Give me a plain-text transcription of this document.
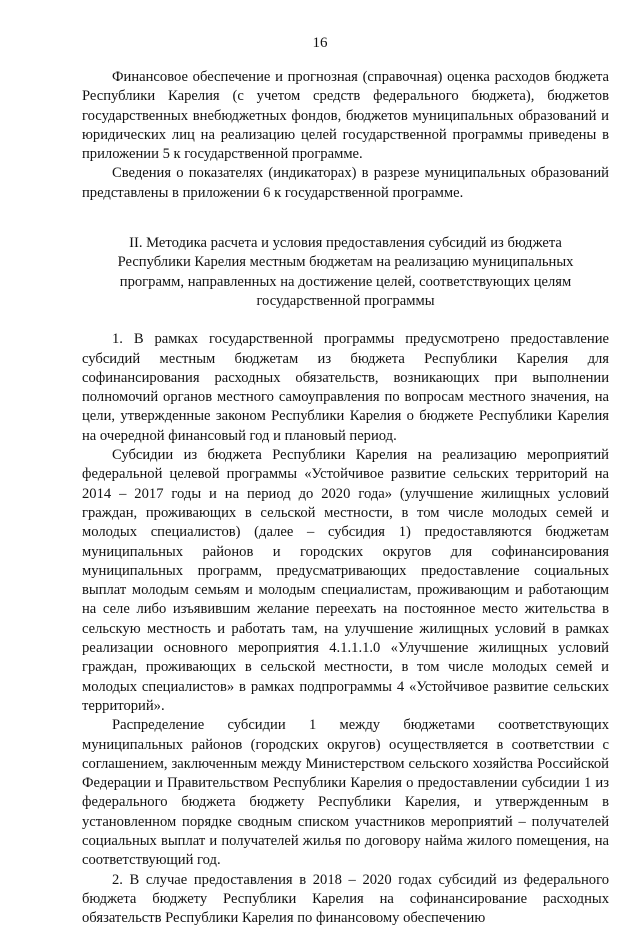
16

Финансовое обеспечение и прогнозная (справочная) оценка расходов бюджета Республики Карелия (с учетом средств федерального бюджета), бюджетов государственных внебюджетных фондов, бюджетов муниципальных образований и юридических лиц на реализацию целей государственной программы приведены в приложении 5 к государственной программе.

Сведения о показателях (индикаторах) в разрезе муниципальных образований представлены в приложении 6 к государственной программе.

II. Методика расчета и условия предоставления субсидий из бюджета
Республики Карелия местным бюджетам на реализацию муниципальных
программ, направленных на достижение целей, соответствующих целям
государственной программы

1. В рамках государственной программы предусмотрено предоставление субсидий местным бюджетам из бюджета Республики Карелия для софинансирования расходных обязательств, возникающих при выполнении полномочий органов местного самоуправления по вопросам местного значения, на цели, утвержденные законом Республики Карелия о бюджете Республики Карелия на очередной финансовый год и плановый период.

Субсидии из бюджета Республики Карелия на реализацию мероприятий федеральной целевой программы «Устойчивое развитие сельских территорий на 2014 – 2017 годы и на период до 2020 года» (улучшение жилищных условий граждан, проживающих в сельской местности, в том числе молодых семей и молодых специалистов) (далее – субсидия 1) предоставляются бюджетам муниципальных районов и городских округов для софинанcирования муниципальных программ, предусматривающих предоставление социальных выплат молодым семьям и молодым специалистам, проживающим и работающим на селе либо изъявившим желание переехать на постоянное место жительства в сельскую местность и работать там, на улучшение жилищных условий в рамках реализации основного мероприятия 4.1.1.1.0 «Улучшение жилищных условий граждан, проживающих в сельской местности, в том числе молодых семей и молодых специалистов» в рамках подпрограммы 4 «Устойчивое развитие сельских территорий».

Распределение субсидии 1 между бюджетами соответствующих муниципальных районов (городских округов) осуществляется в соответствии с соглашением, заключенным между Министерством сельского хозяйства Российской Федерации и Правительством Республики Карелия о предоставлении субсидии 1 из федерального бюджета бюджету Республики Карелия, и утвержденным в установленном порядке сводным списком участников мероприятий – получателей социальных выплат и получателей жилья по договору найма жилого помещения, на соответствующий год.

2. В случае предоставления в 2018 – 2020 годах субсидий из федерального бюджета бюджету Республики Карелия на софинансирование расходных обязательств Республики Карелия по финансовому обеспечению
